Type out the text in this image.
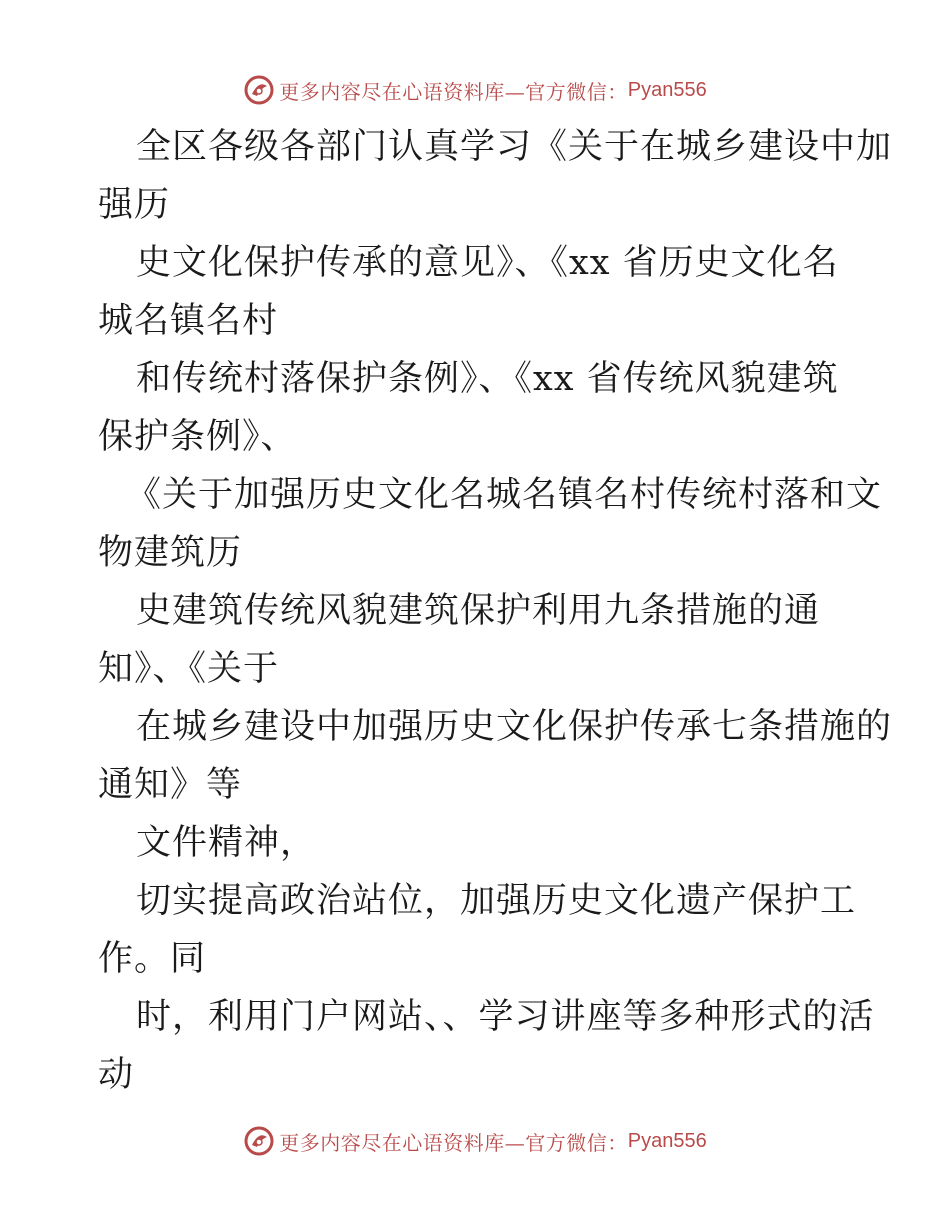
更多内容尽在心语资料库—官方微信： Pyan556
全区各级各部门认真学习《关于在城乡建设中加
强历
史文化保护传承的意见》、《xx 省历史文化名
城名镇名村
和传统村落保护条例》、《xx 省传统风貌建筑
保护条例》、
《关于加强历史文化名城名镇名村传统村落和文
物建筑历
史建筑传统风貌建筑保护利用九条措施的通
知》、《关于
在城乡建设中加强历史文化保护传承七条措施的
通知》等
文件精神，
切实提高政治站位，加强历史文化遗产保护工
作。同
时，利用门户网站、、学习讲座等多种形式的活
动
更多内容尽在心语资料库—官方微信： Pyan556
